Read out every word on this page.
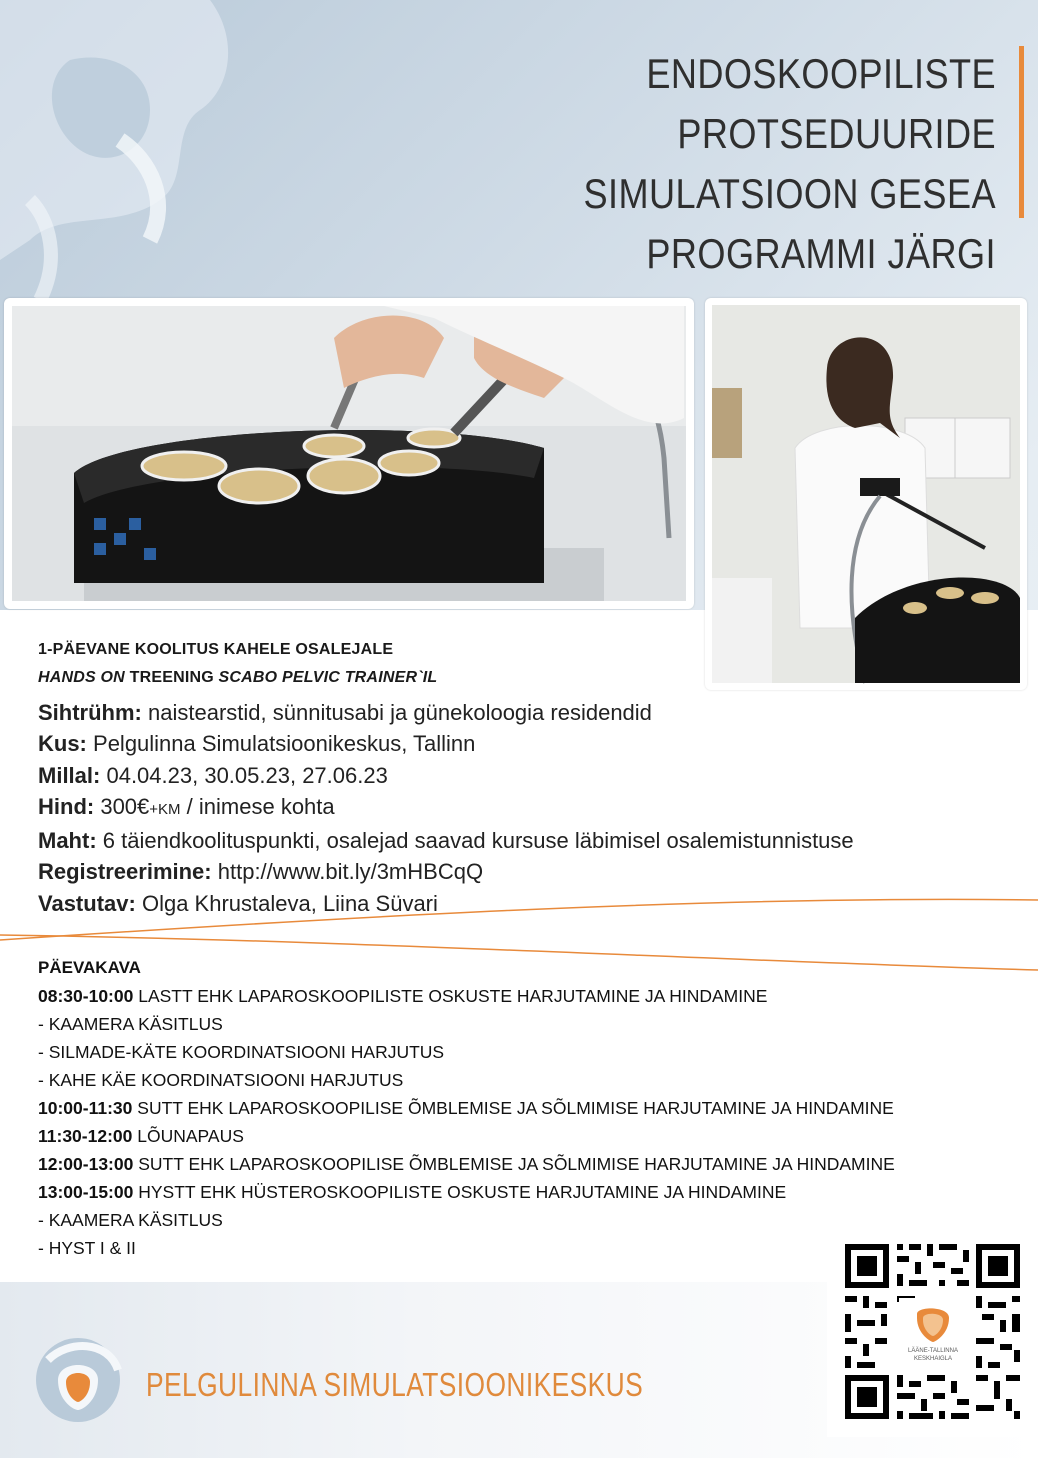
ENDOSKOOPILISTE PROTSEDUURIDE
SIMULATSIOON GESEA
PROGRAMMI JÄRGI
1-PÄEVANE KOOLITUS KAHELE OSALEJALE
HANDS ON TREENING SCABO PELVIC TRAINER`IL
Sihtrühm: naistearstid, sünnitusabi ja günekoloogia residendid
Kus: Pelgulinna Simulatsioonikeskus, Tallinn
Millal: 04.04.23, 30.05.23, 27.06.23
Hind: 300€+KM / inimese kohta
Maht: 6 täiendkoolituspunkti, osalejad saavad kursuse läbimisel osalemistunnistuse
Registreerimine: http://www.bit.ly/3mHBCqQ
Vastutav: Olga Khrustaleva, Liina Süvari
PÄEVAKAVA
08:30-10:00 LASTT EHK LAPAROSKOOPILISTE OSKUSTE HARJUTAMINE JA HINDAMINE
- KAAMERA KÄSITLUS
- SILMADE-KÄTE KOORDINATSIOONI HARJUTUS
- KAHE KÄE KOORDINATSIOONI HARJUTUS
10:00-11:30 SUTT EHK LAPAROSKOOPILISE ÕMBLEMISE JA SÕLMIMISE HARJUTAMINE JA HINDAMINE
11:30-12:00 LÕUNAPAUS
12:00-13:00 SUTT EHK LAPAROSKOOPILISE ÕMBLEMISE JA SÕLMIMISE HARJUTAMINE JA HINDAMINE
13:00-15:00 HYSTT EHK HÜSTEROSKOOPILISTE OSKUSTE HARJUTAMINE JA HINDAMINE
- KAAMERA KÄSITLUS
- HYST I & II
PELGULINNA SIMULATSIOONIKESKUS
LÄÄNE-TALLINNA
KESKHAIGLA
